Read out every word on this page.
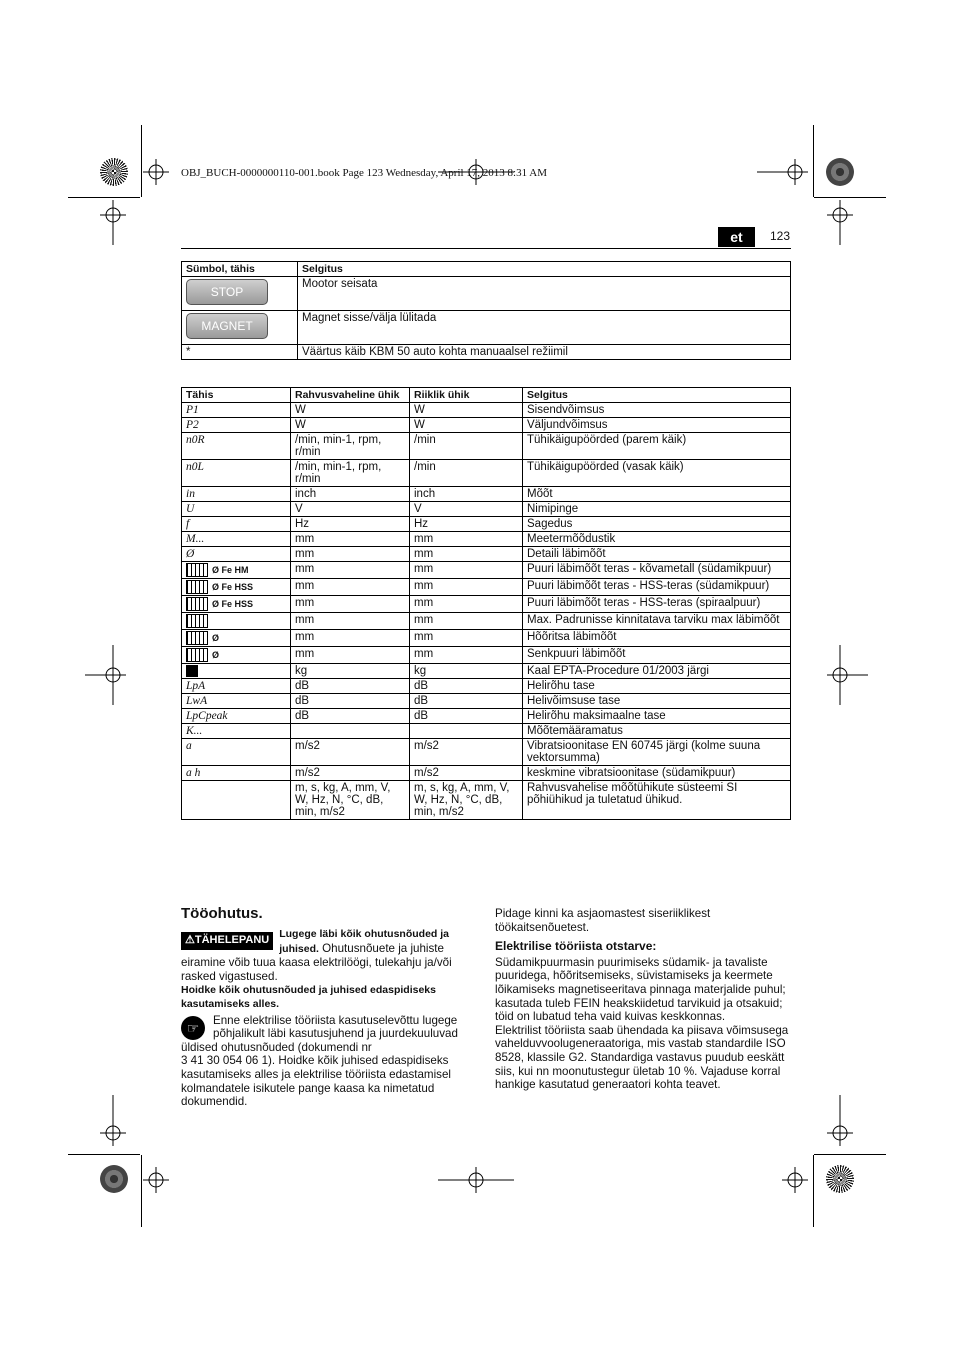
OBJ_BUCH-0000000110-001.book Page 123 Wednesday, April 17, 2013 8:31 AM
et	123
Sümbol, tähis	Selgitus
STOP	Mootor seisata
MAGNET	Magnet sisse/välja lülitada
*	Väärtus käib KBM 50 auto kohta manuaalsel režiimil
Tähis	Rahvusvaheline ühik	Riiklik ühik	Selgitus
P1	W	W	Sisendvõimsus
P2	W	W	Väljundvõimsus
n0R	/min, min-1, rpm, r/min	/min	Tühikäigupöörded (parem käik)
n0L	/min, min-1, rpm, r/min	/min	Tühikäigupöörded (vasak käik)
in	inch	inch	Mõõt
U	V	V	Nimipinge
f	Hz	Hz	Sagedus
M...	mm	mm	Meetermõõdustik
Ø	mm	mm	Detaili läbimõõt
Ø Fe HM	mm	mm	Puuri läbimõõt teras - kõvametall (südamikpuur)
Ø Fe HSS	mm	mm	Puuri läbimõõt teras - HSS-teras (südamikpuur)
Ø Fe HSS	mm	mm	Puuri läbimõõt teras - HSS-teras (spiraalpuur)
	mm	mm	Max. Padrunisse kinnitatava tarviku max läbimõõt
Ø	mm	mm	Hõõritsa läbimõõt
Ø	mm	mm	Senkpuuri läbimõõt
	kg	kg	Kaal EPTA-Procedure 01/2003 järgi
LpA	dB	dB	Helirõhu tase
LwA	dB	dB	Helivõimsuse tase
LpCpeak	dB	dB	Helirõhu maksimaalne tase
K...			Mõõtemääramatus
a	m/s2	m/s2	Vibratsioonitase EN 60745 järgi (kolme suuna vektorsumma)
a h	m/s2	m/s2	keskmine vibratsioonitase (südamikpuur)
	m, s, kg, A, mm, V, W, Hz, N, °C, dB, min, m/s2	m, s, kg, A, mm, V, W, Hz, N, °C, dB, min, m/s2	Rahvusvahelise mõõtühikute süsteemi SI põhiühikud ja tuletatud ühikud.
Tööohutus.
⚠TÄHELEPANU Lugege läbi kõik ohutusnõuded ja juhised. Ohutusnõuete ja juhiste eiramine võib tuua kaasa elektrilöögi, tulekahju ja/või rasked vigastused.
Hoidke kõik ohutusnõuded ja juhised edaspidiseks kasutamiseks alles.
☞	Enne elektrilise tööriista kasutuselevõttu lugege põhjalikult läbi kasutusjuhend ja juurdekuuluvad üldised ohutusnõuded (dokumendi nr
3 41 30 054 06 1). Hoidke kõik juhised edaspidiseks kasutamiseks alles ja elektrilise tööriista edastamisel kolmandatele isikutele pange kaasa ka nimetatud dokumendid.
Pidage kinni ka asjaomastest siseriiklikest töökaitsenõuetest.
Elektrilise tööriista otstarve:
Südamikpuurmasin puurimiseks südamik- ja tavaliste puuridega, hõõritsemiseks, süvistamiseks ja keermete lõikamiseks magnetiseeritava pinnaga materjalide puhul; kasutada tuleb FEIN heakskiidetud tarvikuid ja otsakuid; töid on lubatud teha vaid kuivas keskkonnas.
Elektrilist tööriista saab ühendada ka piisava võimsusega vahelduvvoolugeneraatoriga, mis vastab standardile ISO 8528, klassile G2. Standardiga vastavus puudub eeskätt siis, kui nn moonutustegur ületab 10 %. Vajaduse korral hankige kasutatud generaatori kohta teavet.
